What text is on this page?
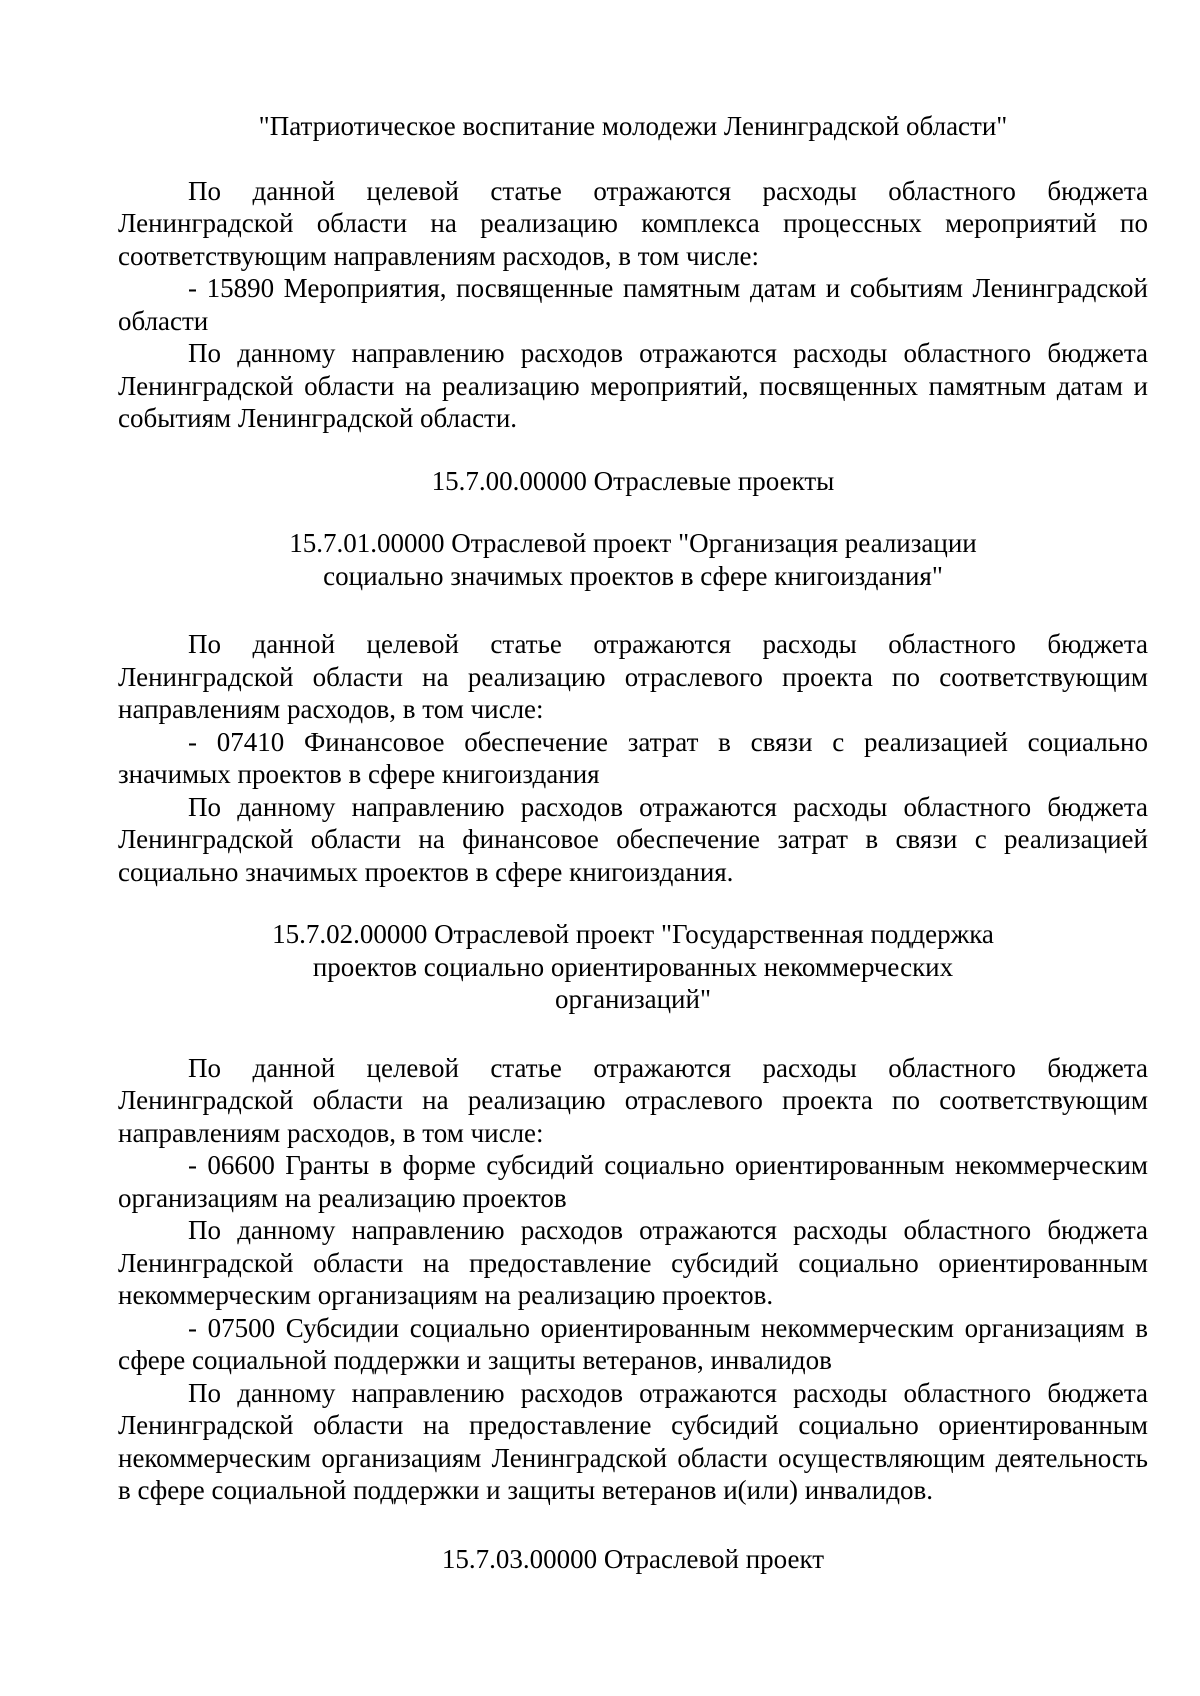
"Патриотическое воспитание молодежи Ленинградской области"

По данной целевой статье отражаются расходы областного бюджета Ленинградской области на реализацию комплекса процессных мероприятий по соответствующим направлениям расходов, в том числе:

- 15890 Мероприятия, посвященные памятным датам и событиям Ленинградской области

По данному направлению расходов отражаются расходы областного бюджета Ленинградской области на реализацию мероприятий, посвященных памятным датам и событиям Ленинградской области.

15.7.00.00000 Отраслевые проекты

15.7.01.00000 Отраслевой проект "Организация реализации
социально значимых проектов в сфере книгоиздания"

По данной целевой статье отражаются расходы областного бюджета Ленинградской области на реализацию отраслевого проекта по соответствующим направлениям расходов, в том числе:

- 07410 Финансовое обеспечение затрат в связи с реализацией социально значимых проектов в сфере книгоиздания

По данному направлению расходов отражаются расходы областного бюджета Ленинградской области на финансовое обеспечение затрат в связи с реализацией социально значимых проектов в сфере книгоиздания.

15.7.02.00000 Отраслевой проект "Государственная поддержка
проектов социально ориентированных некоммерческих
организаций"

По данной целевой статье отражаются расходы областного бюджета Ленинградской области на реализацию отраслевого проекта по соответствующим направлениям расходов, в том числе:

- 06600 Гранты в форме субсидий социально ориентированным некоммерческим организациям на реализацию проектов

По данному направлению расходов отражаются расходы областного бюджета Ленинградской области на предоставление субсидий социально ориентированным некоммерческим организациям на реализацию проектов.

- 07500 Субсидии социально ориентированным некоммерческим организациям в сфере социальной поддержки и защиты ветеранов, инвалидов

По данному направлению расходов отражаются расходы областного бюджета Ленинградской области на предоставление субсидий социально ориентированным некоммерческим организациям Ленинградской области осуществляющим деятельность в сфере социальной поддержки и защиты ветеранов и(или) инвалидов.

15.7.03.00000 Отраслевой проект
